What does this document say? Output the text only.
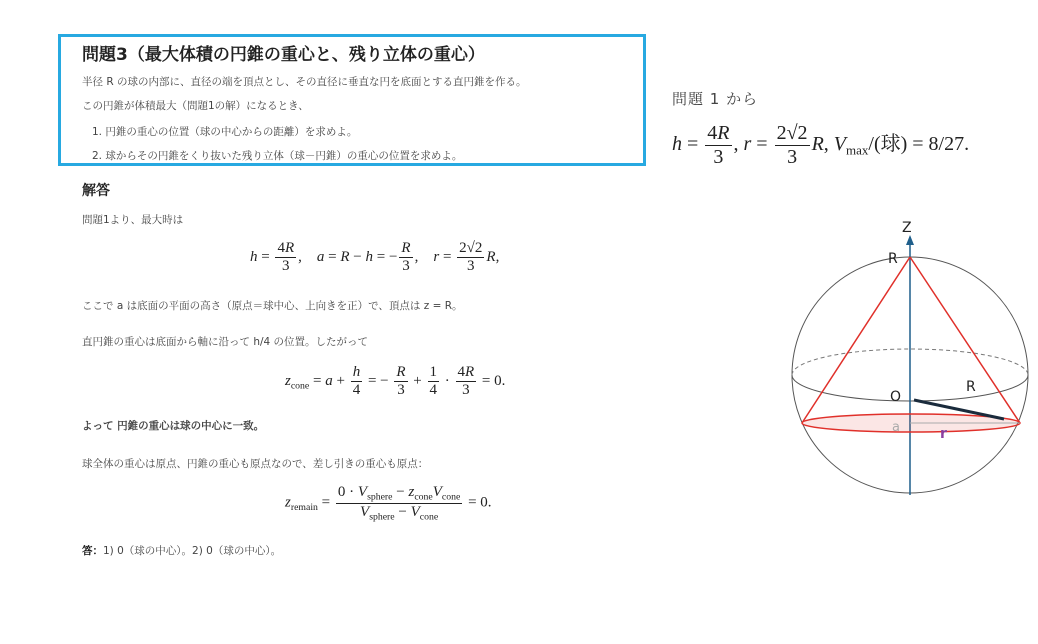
問題3（最大体積の円錐の重心と、残り立体の重心）
半径 R の球の内部に、直径の端を頂点とし、その直径に垂直な円を底面とする直円錐を作る。
この円錐が体積最大（問題1の解）になるとき、
1. 円錐の重心の位置（球の中心からの距離）を求めよ。
2. 球からその円錐をくり抜いた残り立体（球－円錐）の重心の位置を求めよ。
解答
問題1より、最大時は
$h = \frac{4R}{3}$ ,    a = R − h = − $\frac{R}{3}$ ,    $r = \frac{2√2}{3} R$,
ここで a は底面の平面の高さ（原点＝球中心、上向きを正）で、頂点は z = R。
直円錐の重心は底面から軸に沿って h/4 の位置。したがって
$z_{cone} = a + \frac{h}{4}$ = − $\frac{R}{3} + \frac{1}{4} \cdot \frac{4R}{3} = 0$.
よって 円錐の重心は球の中心に一致。
球全体の重心は原点、円錐の重心も原点なので、差し引きの重心も原点：
$z_{remain} = \frac{0 \cdot V_{sphere} - z_{cone}V_{cone}}{V_{sphere} - V_{cone}} = 0$.
答：1) 0（球の中心）。2) 0（球の中心）。
問題 1 から
$h = \frac{4R}{3}$ , $r = \frac{2√2}{3} R$, $V_{max}/$(球) = 8/27.
Z
R
O
R
a	r
